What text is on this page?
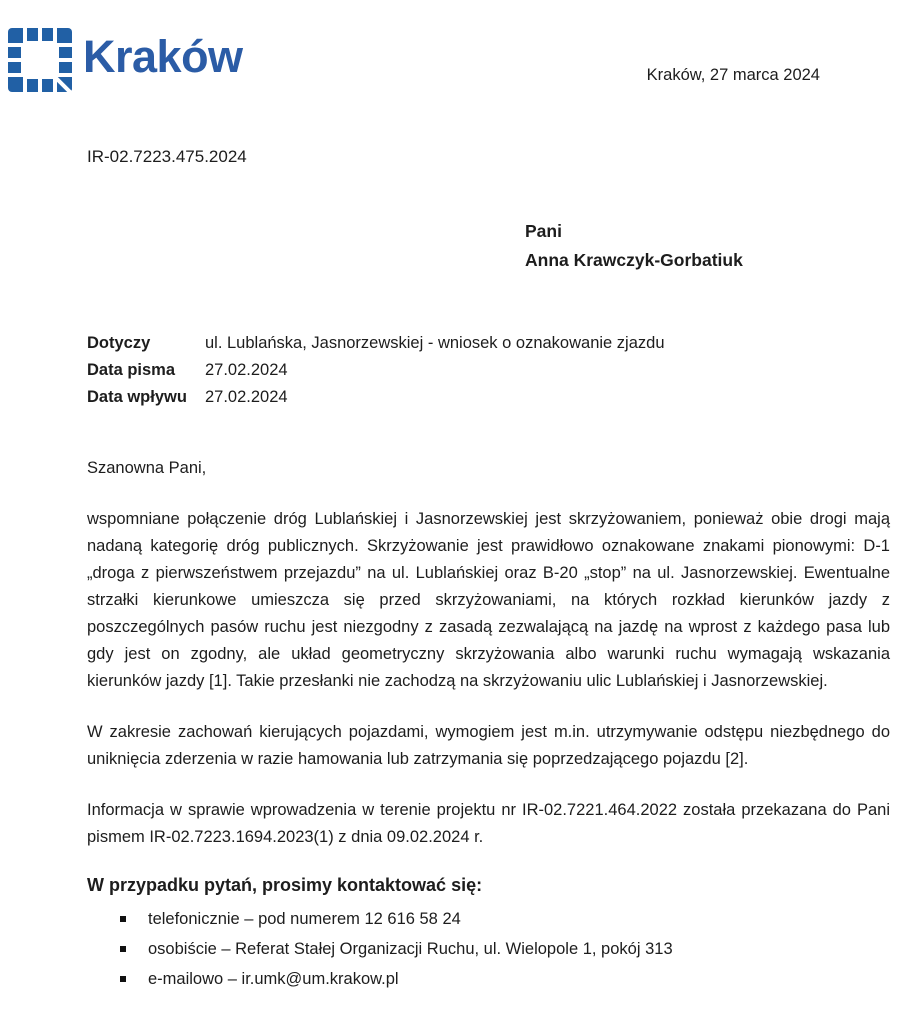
Kraków	Kraków, 27 marca 2024
IR-02.7223.475.2024
Pani
Anna Krawczyk-Gorbatiuk
Dotyczy	ul. Lublańska, Jasnorzewskiej - wniosek o oznakowanie zjazdu
Data pisma	27.02.2024
Data wpływu	27.02.2024

Szanowna Pani,

wspomniane połączenie dróg Lublańskiej i Jasnorzewskiej jest skrzyżowaniem, ponieważ obie drogi mają nadaną kategorię dróg publicznych. Skrzyżowanie jest prawidłowo oznakowane znakami pionowymi: D-1 „droga z pierwszeństwem przejazdu” na ul. Lublańskiej oraz B-20 „stop” na ul. Jasnorzewskiej. Ewentualne strzałki kierunkowe umieszcza się przed skrzyżowaniami, na których rozkład kierunków jazdy z poszczególnych pasów ruchu jest niezgodny z zasadą zezwalającą na jazdę na wprost z każdego pasa lub gdy jest on zgodny, ale układ geometryczny skrzyżowania albo warunki ruchu wymagają wskazania kierunków jazdy [1]. Takie przesłanki nie zachodzą na skrzyżowaniu ulic Lublańskiej i Jasnorzewskiej.

W zakresie zachowań kierujących pojazdami, wymogiem jest m.in. utrzymywanie odstępu niezbędnego do uniknięcia zderzenia w razie hamowania lub zatrzymania się poprzedzającego pojazdu [2].

Informacja w sprawie wprowadzenia w terenie projektu nr IR-02.7221.464.2022 została przekazana do Pani pismem IR-02.7223.1694.2023(1) z dnia 09.02.2024 r.

W przypadku pytań, prosimy kontaktować się:

telefonicznie – pod numerem 12 616 58 24
osobiście – Referat Stałej Organizacji Ruchu, ul. Wielopole 1, pokój 313
e-mailowo – ir.umk@um.krakow.pl
